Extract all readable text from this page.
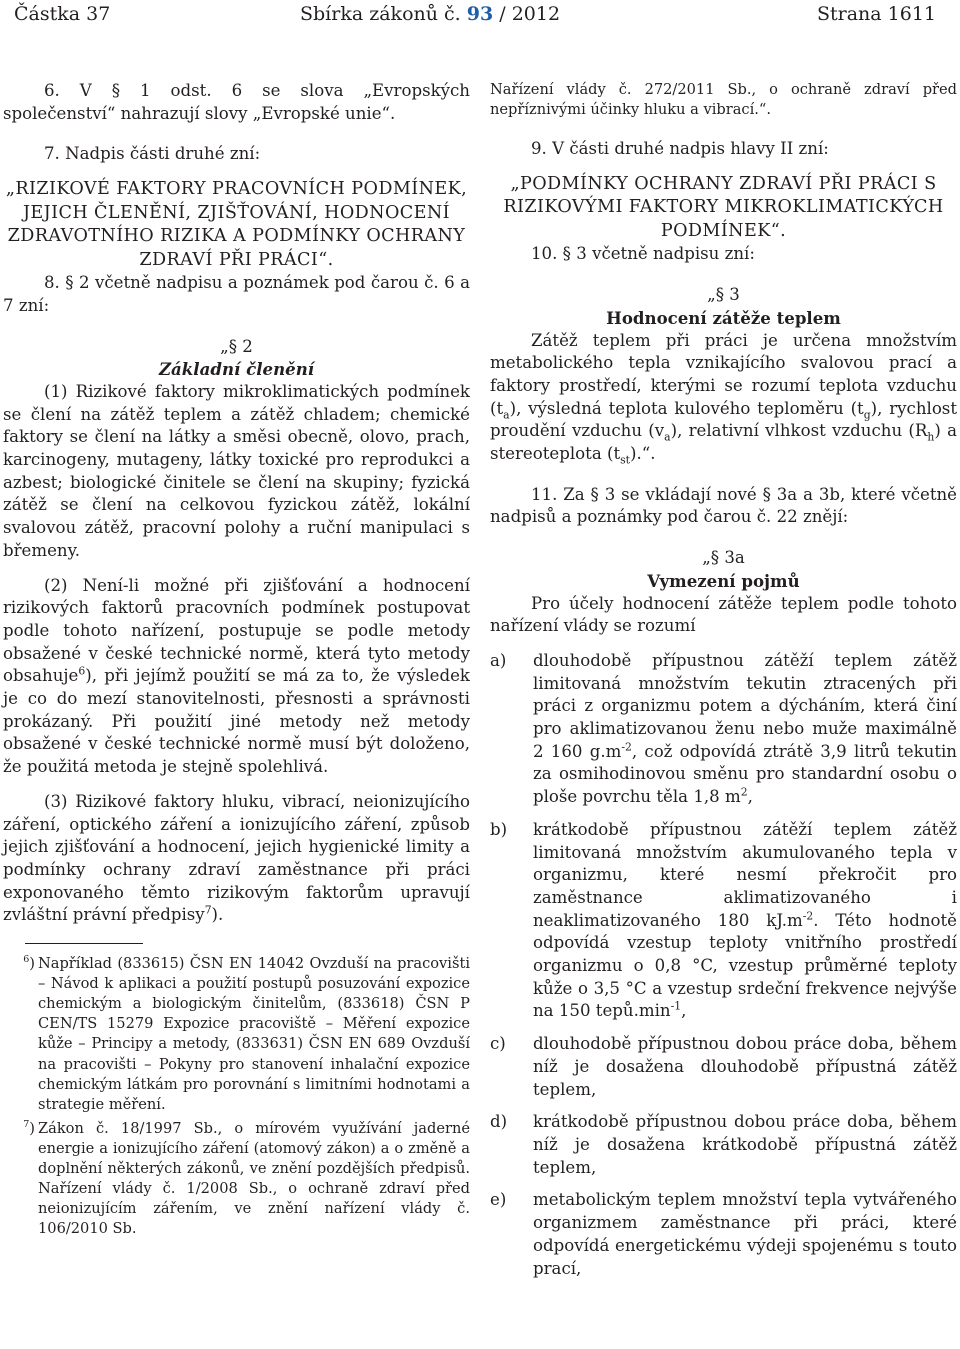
Částka 37	Sbírka zákonů č. 93 / 2012	Strana 1611

6. V § 1 odst. 6 se slova „Evropských společenství“ nahrazují slovy „Evropské unie“.

7. Nadpis části druhé zní:

„RIZIKOVÉ FAKTORY PRACOVNÍCH PODMÍNEK, JEJICH ČLENĚNÍ, ZJIŠŤOVÁNÍ, HODNOCENÍ ZDRAVOTNÍHO RIZIKA A PODMÍNKY OCHRANY ZDRAVÍ PŘI PRÁCI“.

8. § 2 včetně nadpisu a poznámek pod čarou č. 6 a 7 zní:

„§ 2

Základní členění

(1) Rizikové faktory mikroklimatických podmínek se člení na zátěž teplem a zátěž chladem; chemické faktory se člení na látky a směsi obecně, olovo, prach, karcinogeny, mutageny, látky toxické pro reprodukci a azbest; biologické činitele se člení na skupiny; fyzická zátěž se člení na celkovou fyzickou zátěž, lokální svalovou zátěž, pracovní polohy a ruční manipulaci s břemeny.

(2) Není-li možné při zjišťování a hodnocení rizikových faktorů pracovních podmínek postupovat podle tohoto nařízení, postupuje se podle metody obsažené v české technické normě, která tyto metody obsahuje$^6$), při jejímž použití se má za to, že výsledek je co do mezí stanovitelnosti, přesnosti a správnosti prokázaný. Při použití jiné metody než metody obsažené v české technické normě musí být doloženo, že použitá metoda je stejně spolehlivá.

(3) Rizikové faktory hluku, vibrací, neionizujícího záření, optického záření a ionizujícího záření, způsob jejich zjišťování a hodnocení, jejich hygienické limity a podmínky ochrany zdraví zaměstnance při práci exponovaného těmto rizikovým faktorům upravují zvláštní právní předpisy$^7$).

$^6$) Například (833615) ČSN EN 14042 Ovzduší na pracovišti – Návod k aplikaci a použití postupů posuzování expozice chemickým a biologickým činitelům, (833618) ČSN P CEN/TS 15279 Expozice pracoviště – Měření expozice kůže – Principy a metody, (833631) ČSN EN 689 Ovzduší na pracovišti – Pokyny pro stanovení inhalační expozice chemickým látkám pro porovnání s limitními hodnotami a strategie měření.
$^7$) Zákon č. 18/1997 Sb., o mírovém využívání jaderné energie a ionizujícího záření (atomový zákon) a o změně a doplnění některých zákonů, ve znění pozdějších předpisů. Nařízení vlády č. 1/2008 Sb., o ochraně zdraví před neionizujícím zářením, ve znění nařízení vlády č. 106/2010 Sb.

Nařízení vlády č. 272/2011 Sb., o ochraně zdraví před nepříznivými účinky hluku a vibrací.“.

9. V části druhé nadpis hlavy II zní:

„PODMÍNKY OCHRANY ZDRAVÍ PŘI PRÁCI S RIZIKOVÝMI FAKTORY MIKROKLIMATICKÝCH PODMÍNEK“.

10. § 3 včetně nadpisu zní:

„§ 3

Hodnocení zátěže teplem

Zátěž teplem při práci je určena množstvím metabolického tepla vznikajícího svalovou prací a faktory prostředí, kterými se rozumí teplota vzduchu $(t_a)$, výsledná teplota kulového teploměru $(t_g)$, rychlost proudění vzduchu $(v_a)$, relativní vlhkost vzduchu $(R_h)$ a stereoteplota $(t_{st}).“$.

11. Za § 3 se vkládají nové § 3a a 3b, které včetně nadpisů a poznámky pod čarou č. 22 znějí:

„§ 3a

Vymezení pojmů

Pro účely hodnocení zátěže teplem podle tohoto nařízení vlády se rozumí

a)	dlouhodobě přípustnou zátěží teplem zátěž limitovaná množstvím tekutin ztracených při práci z organizmu potem a dýcháním, která činí pro aklimatizovanou ženu nebo muže maximálně 2 160 $g.m^{-2}$, což odpovídá ztrátě 3,9 litrů tekutin za osmihodinovou směnu pro standardní osobu o ploše povrchu těla 1,8 $m^2$,
b)	krátkodobě přípustnou zátěží teplem zátěž limitovaná množstvím akumulovaného tepla v organizmu, které nesmí překročit pro zaměstnance aklimatizovaného i neaklimatizovaného 180 $kJ.m^{-2}$. Této hodnotě odpovídá vzestup teploty vnitřního prostředí organizmu o 0,8 °C, vzestup průměrné teploty kůže o 3,5 °C a vzestup srdeční frekvence nejvýše na 150 $tepů.\min^{-1}$,
c)	dlouhodobě přípustnou dobou práce doba, během níž je dosažena dlouhodobě přípustná zátěž teplem,
d)	krátkodobě přípustnou dobou práce doba, během níž je dosažena krátkodobě přípustná zátěž teplem,
e)	metabolickým teplem množství tepla vytvářeného organizmem zaměstnance při práci, které odpovídá energetickému výdeji spojenému s touto prací,
